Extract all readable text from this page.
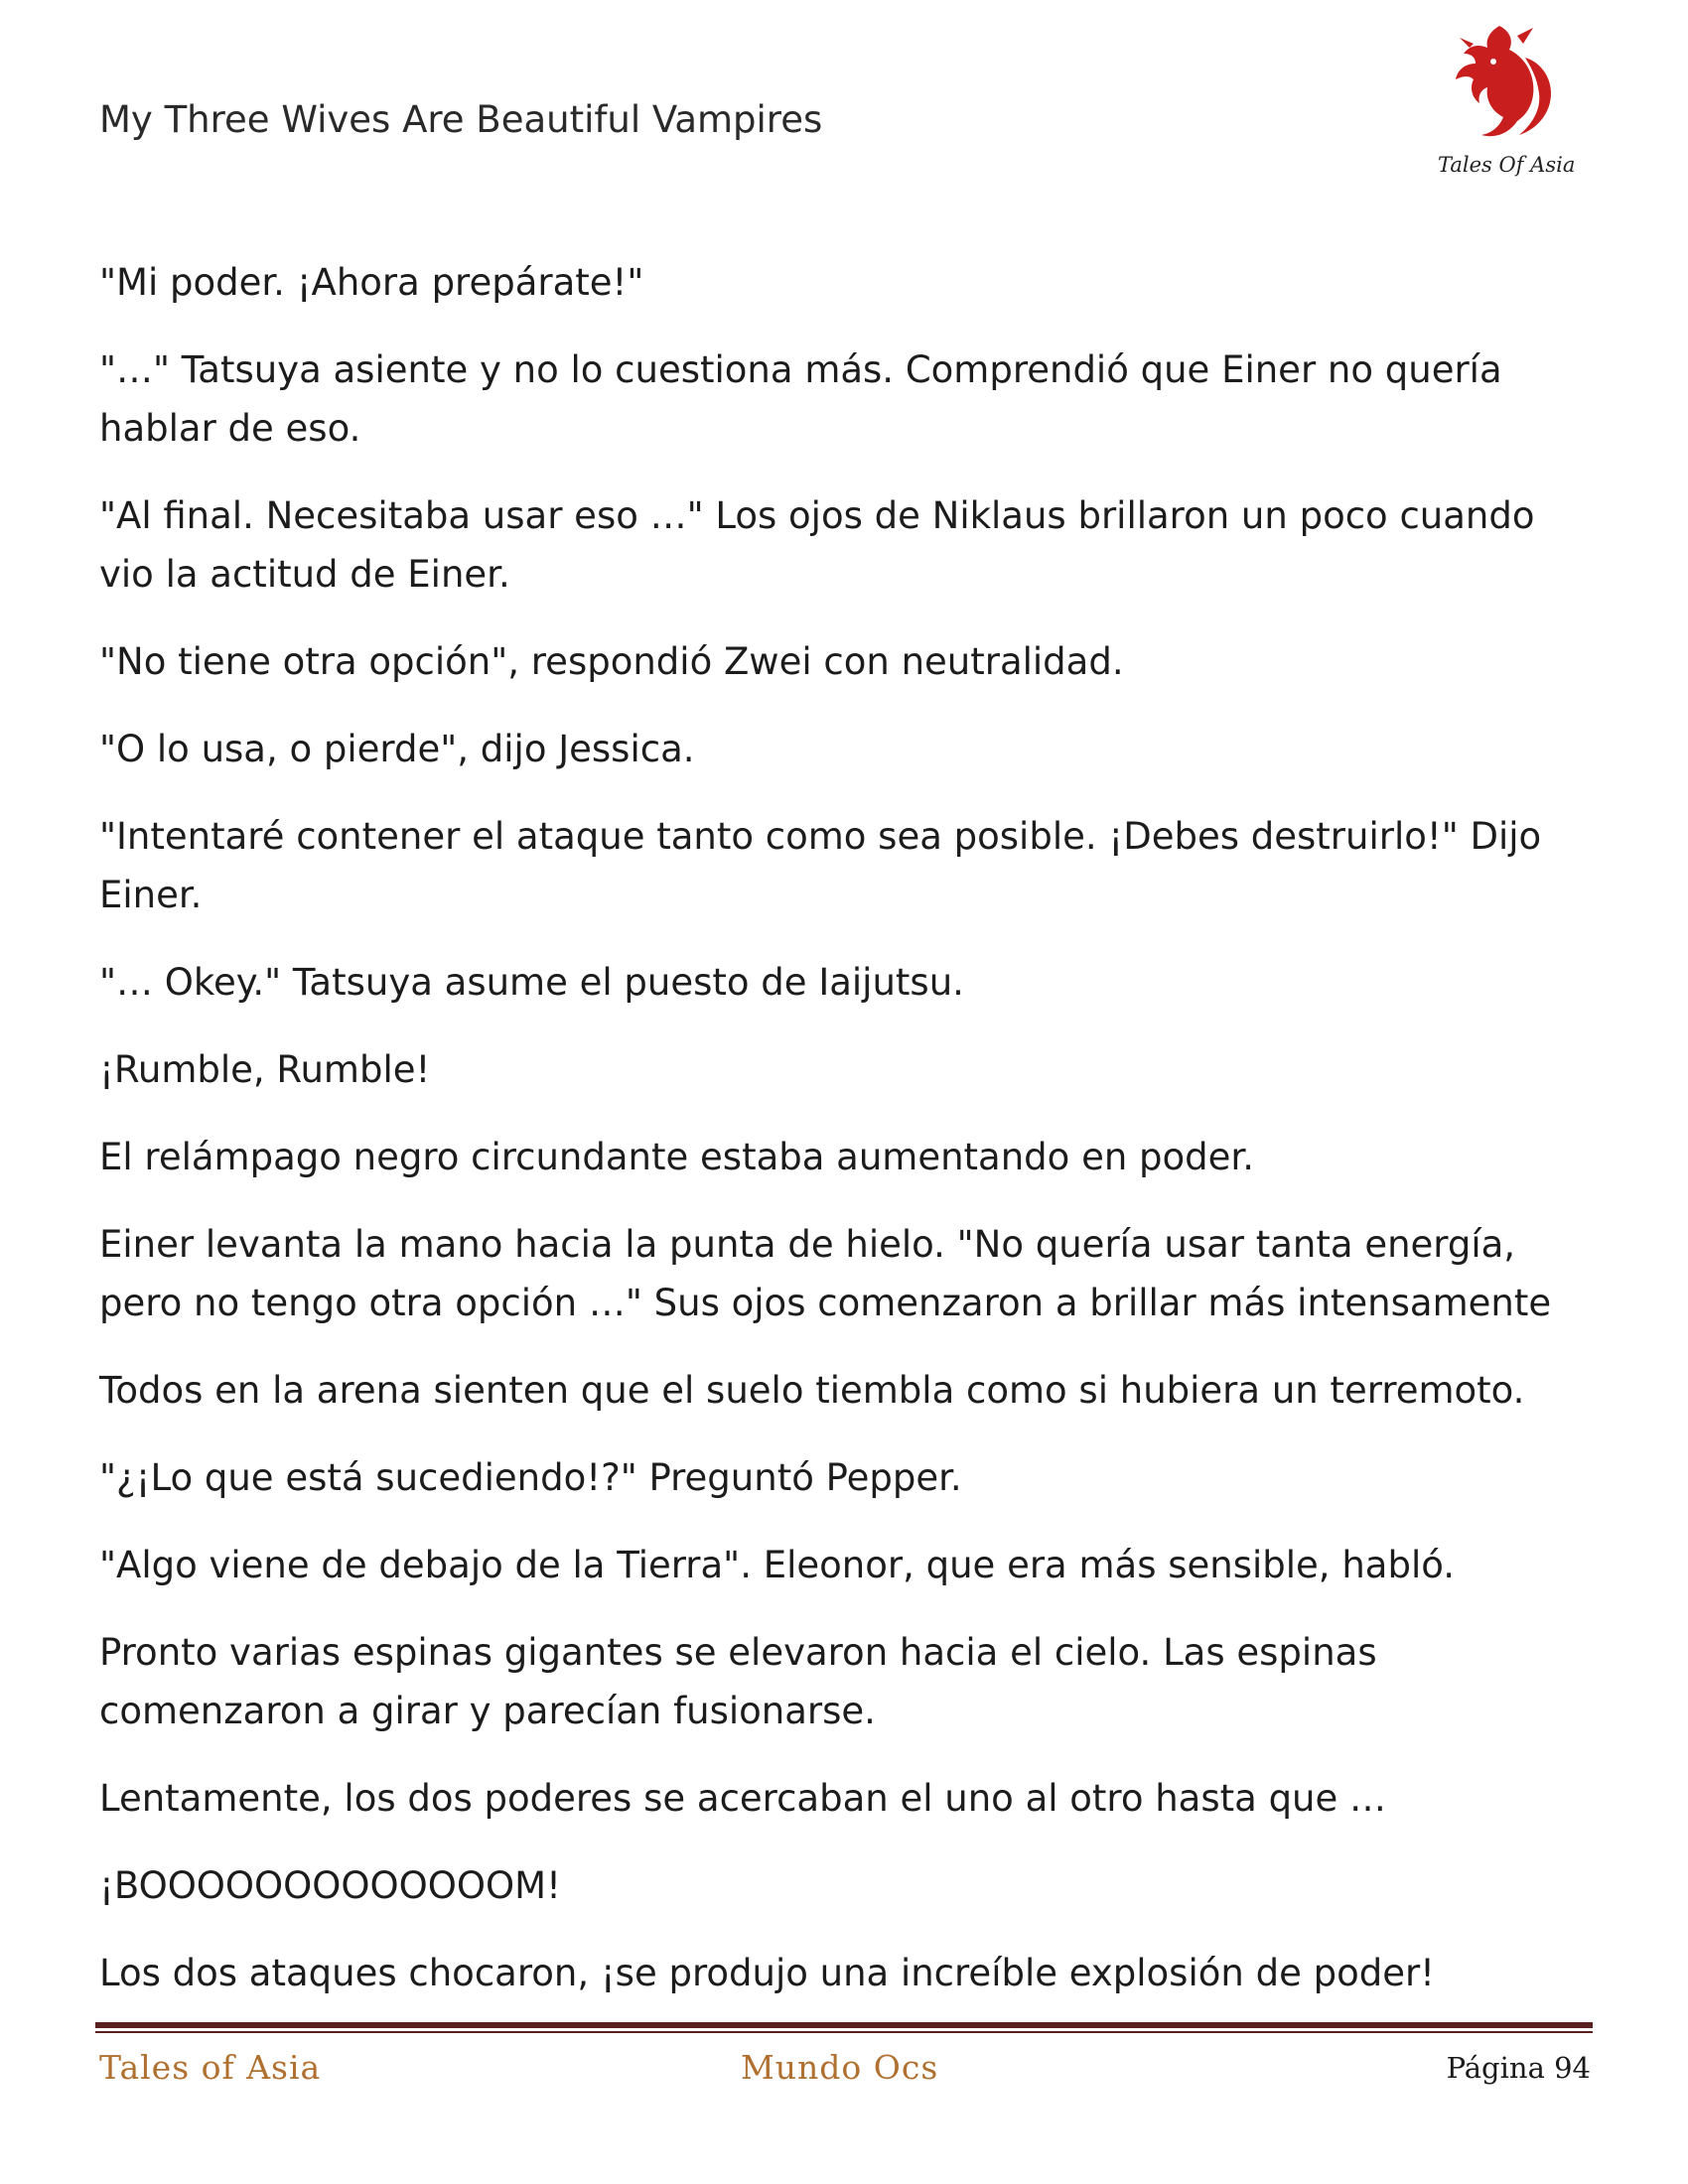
My Three Wives Are Beautiful Vampires
Tales Of Asia

"Mi poder. ¡Ahora prepárate!"

"…" Tatsuya asiente y no lo cuestiona más. Comprendió que Einer no quería hablar de eso.

"Al final. Necesitaba usar eso …" Los ojos de Niklaus brillaron un poco cuando vio la actitud de Einer.

"No tiene otra opción", respondió Zwei con neutralidad.

"O lo usa, o pierde", dijo Jessica.

"Intentaré contener el ataque tanto como sea posible. ¡Debes destruirlo!" Dijo Einer.

"… Okey." Tatsuya asume el puesto de Iaijutsu.

¡Rumble, Rumble!

El relámpago negro circundante estaba aumentando en poder.

Einer levanta la mano hacia la punta de hielo. "No quería usar tanta energía, pero no tengo otra opción …" Sus ojos comenzaron a brillar más intensamente

Todos en la arena sienten que el suelo tiembla como si hubiera un terremoto.

"¿¡Lo que está sucediendo!?" Preguntó Pepper.

"Algo viene de debajo de la Tierra". Eleonor, que era más sensible, habló.

Pronto varias espinas gigantes se elevaron hacia el cielo. Las espinas comenzaron a girar y parecían fusionarse.

Lentamente, los dos poderes se acercaban el uno al otro hasta que …

¡BOOOOOOOOOOOOOM!

Los dos ataques chocaron, ¡se produjo una increíble explosión de poder!

Tales of Asia	Mundo Ocs	Página 94
